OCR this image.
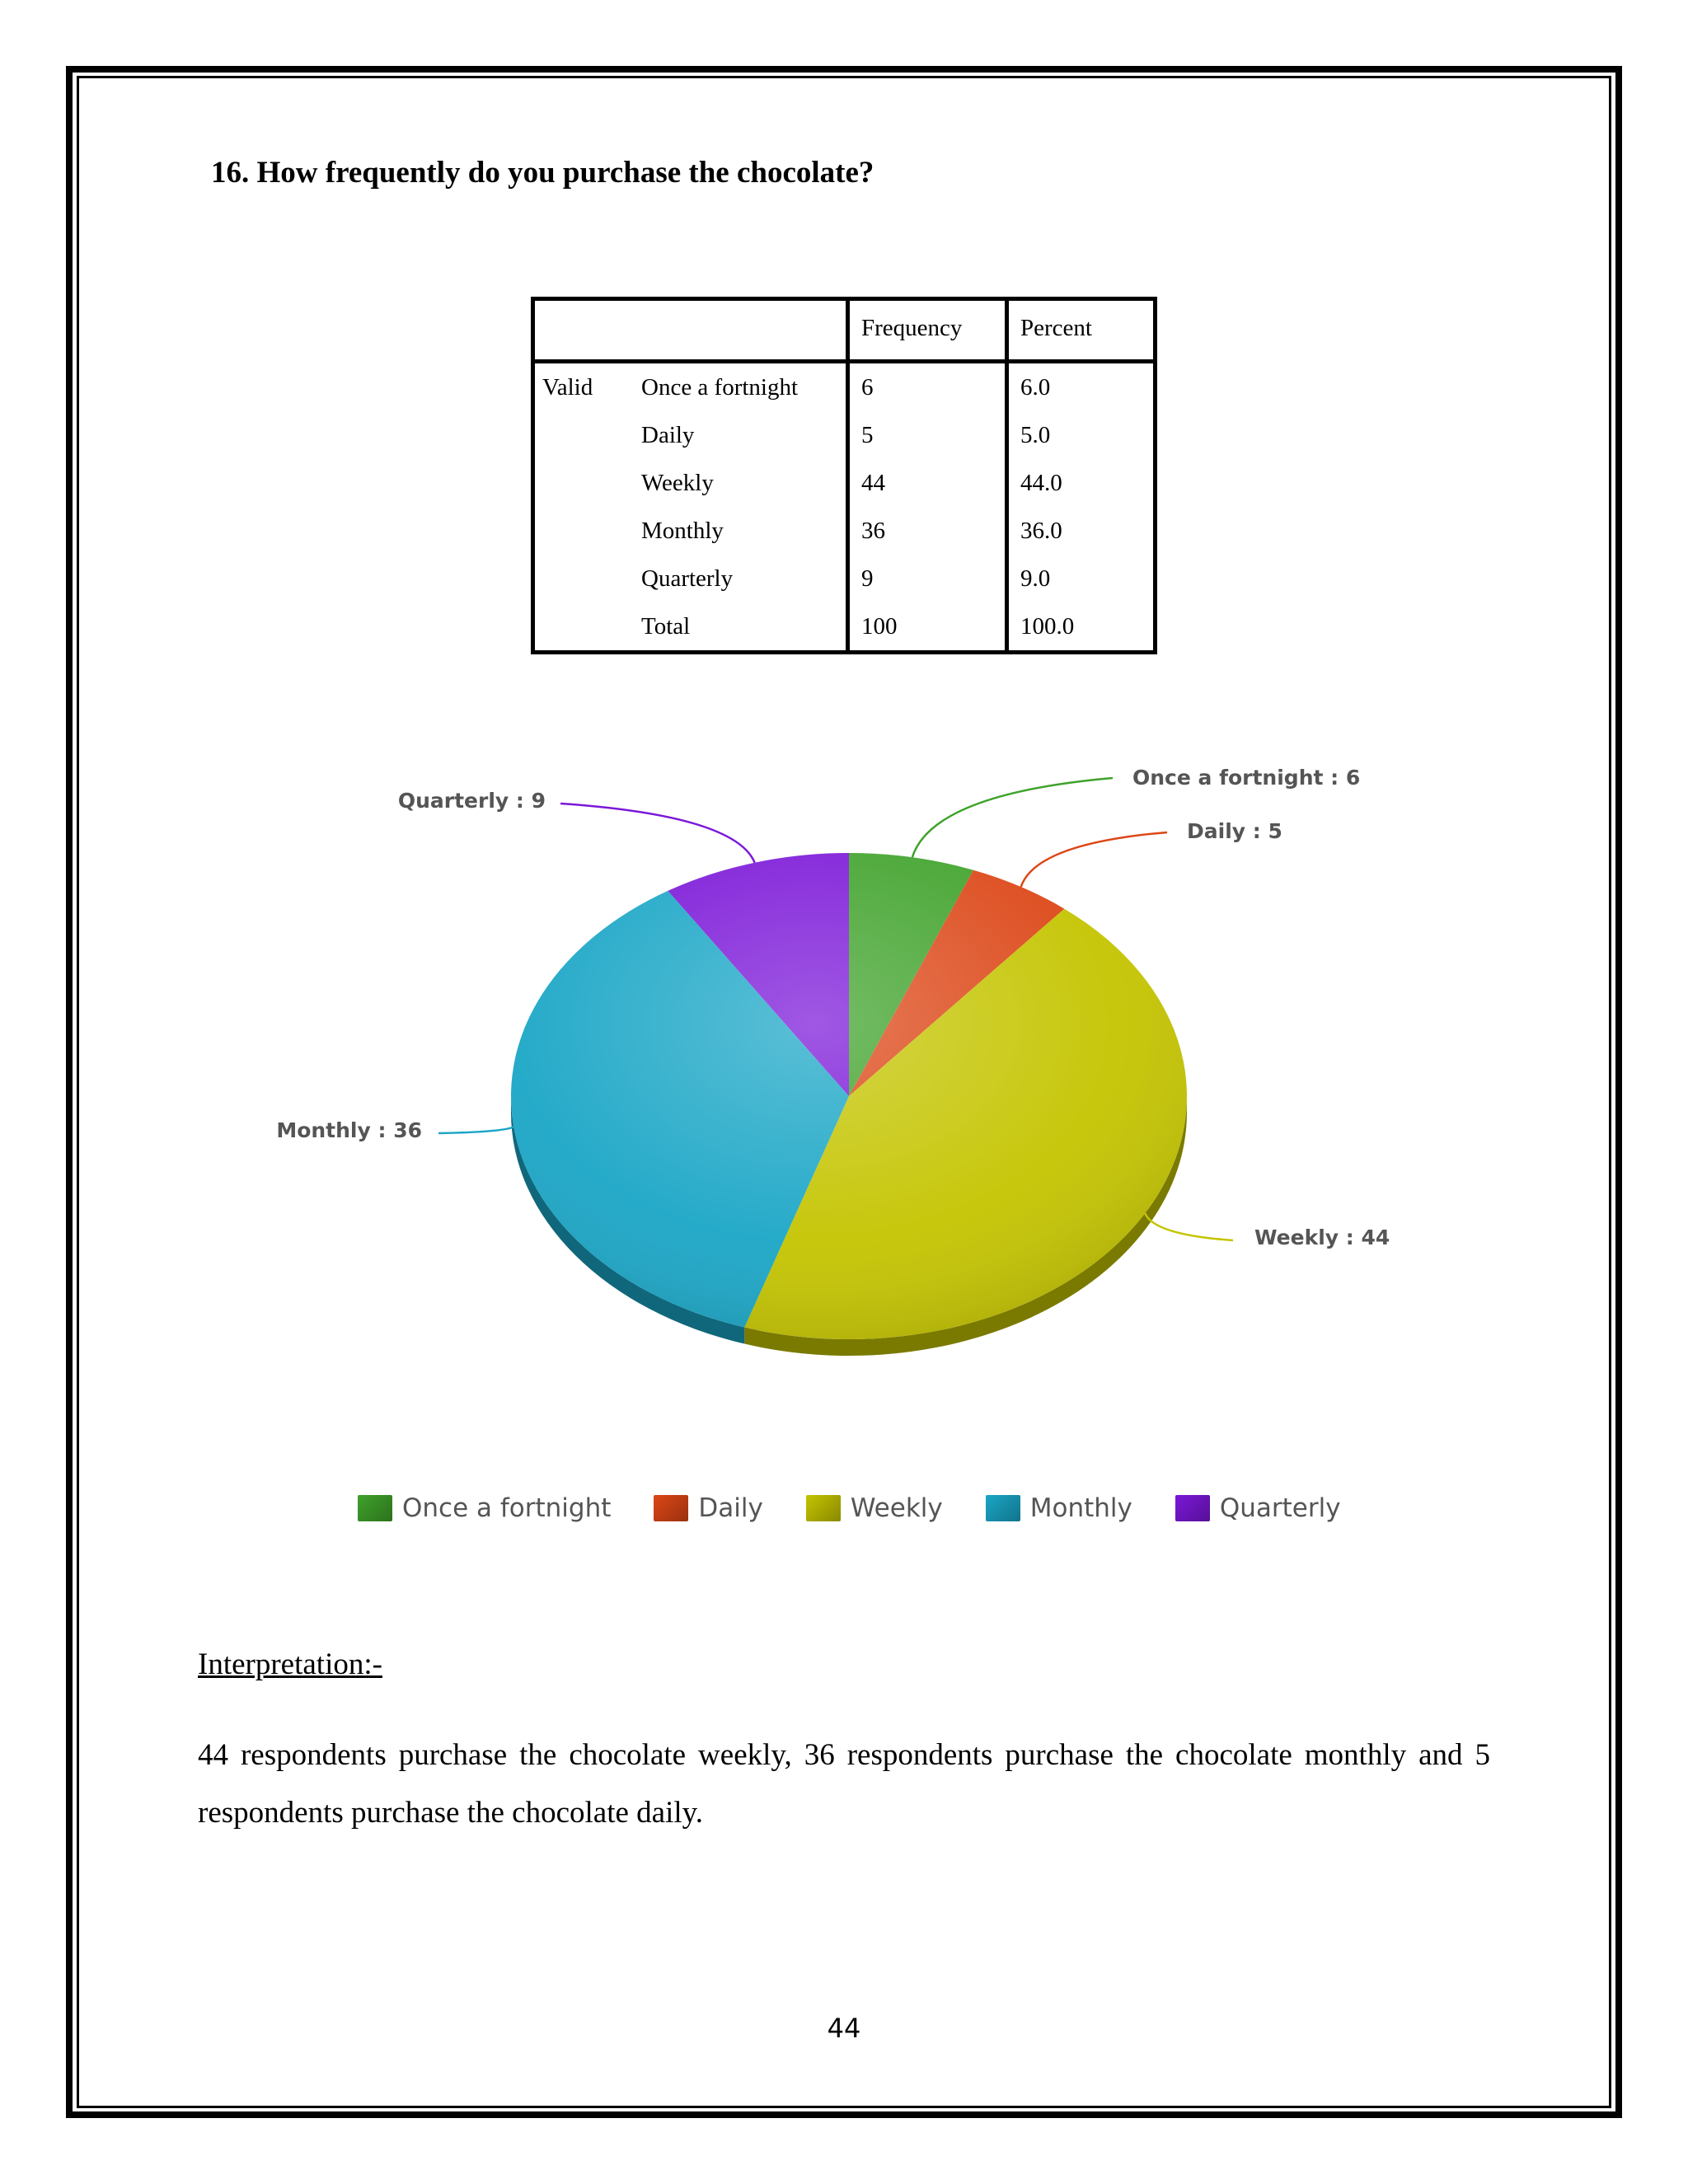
16. How frequently do you purchase the chocolate?
		Frequency	Percent
Valid	Once a fortnight	6	6.0
	Daily	5	5.0
	Weekly	44	44.0
	Monthly	36	36.0
	Quarterly	9	9.0
	Total	100	100.0
Once a fortnight : 6
Daily : 5
Weekly : 44
Monthly : 36
Quarterly : 9
Once a fortnight	Daily	Weekly	Monthly	Quarterly
Interpretation:-
44 respondents purchase the chocolate weekly, 36 respondents purchase the chocolate monthly and 5 respondents purchase the chocolate daily.
44
